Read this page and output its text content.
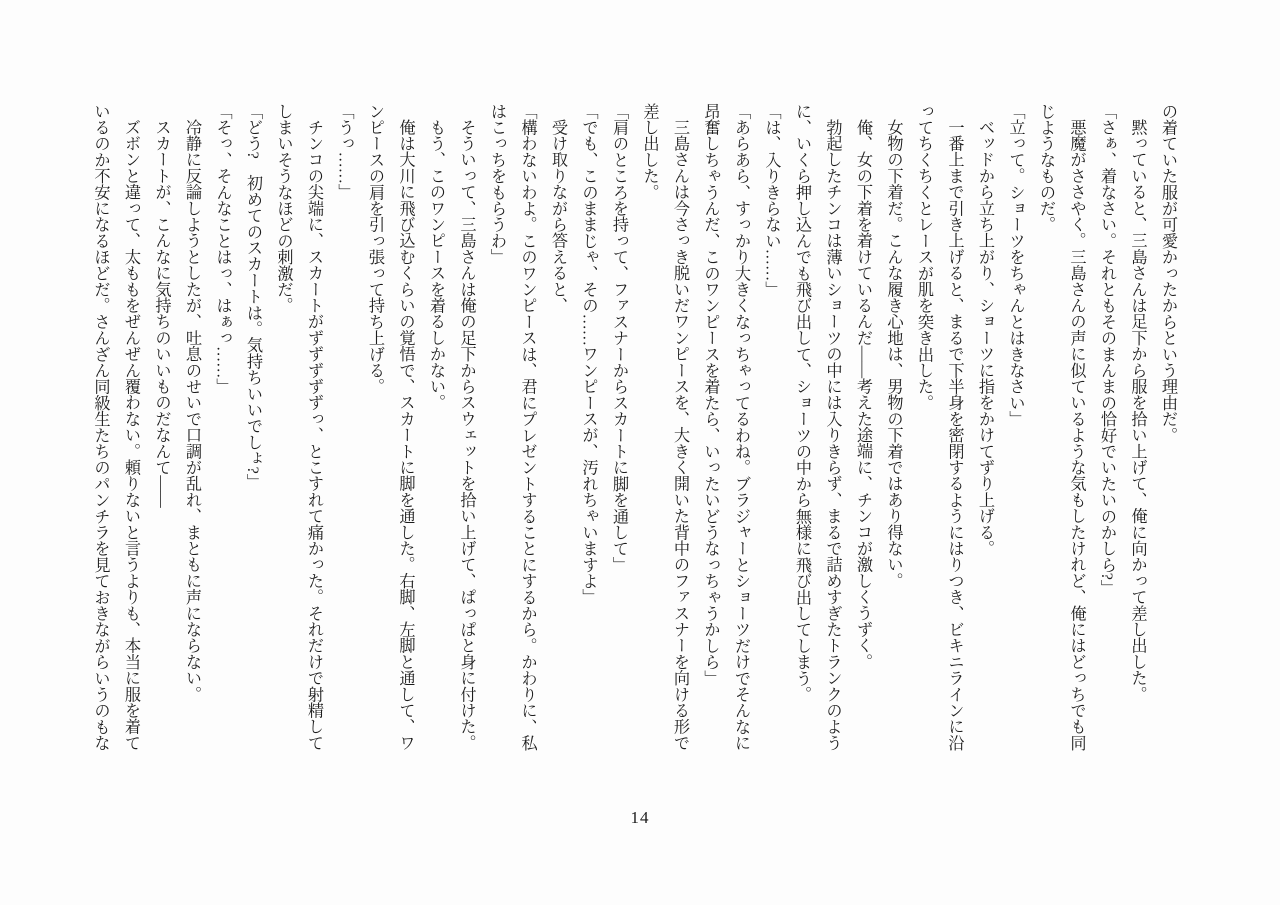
の着ていた服が可愛かったからという理由だ。
黙っていると、三島さんは足下から服を拾い上げて、俺に向かって差し出した。
「さぁ、着なさい。それともそのまんまの恰好でいたいのかしら?」
悪魔がささやく。三島さんの声に似ているような気もしたけれど、俺にはどっちでも同
じようなものだ。
「立って。ショーツをちゃんとはきなさい」
ベッドから立ち上がり、ショーツに指をかけてずり上げる。
一番上まで引き上げると、まるで下半身を密閉するようにはりつき、ビキニラインに沿
ってちくちくとレースが肌を突き出した。
女物の下着だ。こんな履き心地は、男物の下着ではあり得ない。
俺、女の下着を着けているんだ――考えた途端に、チンコが激しくうずく。
勃起したチンコは薄いショーツの中には入りきらず、まるで詰めすぎたトランクのよう
に、いくら押し込んでも飛び出して、ショーツの中から無様に飛び出してしまう。
「は、入りきらない……」
「あらあら、すっかり大きくなっちゃってるわね。ブラジャーとショーツだけでそんなに
昂奮しちゃうんだ、このワンピースを着たら、いったいどうなっちゃうかしら」
三島さんは今さっき脱いだワンピースを、大きく開いた背中のファスナーを向ける形で
差し出した。
「肩のところを持って、ファスナーからスカートに脚を通して」
「でも、このままじゃ、その……ワンピースが、汚れちゃいますよ」
受け取りながら答えると、
「構わないわよ。このワンピースは、君にプレゼントすることにするから。かわりに、私
はこっちをもらうわ」
そういって、三島さんは俺の足下からスウェットを拾い上げて、ぱっぱと身に付けた。
もう、このワンピースを着るしかない。
俺は大川に飛び込むくらいの覚悟で、スカートに脚を通した。右脚、左脚と通して、ワ
ンピースの肩を引っ張って持ち上げる。
「うっ……」
チンコの尖端に、スカートがずずずずずっ、とこすれて痛かった。それだけで射精して
しまいそうなほどの刺激だ。
「どう?　初めてのスカートは。気持ちいいでしょ?」
「そっ、そんなことはっ、はぁっ……」
冷静に反論しようとしたが、吐息のせいで口調が乱れ、まともに声にならない。
スカートが、こんなに気持ちのいいものだなんて――
ズボンと違って、太ももをぜんぜん覆わない。頼りないと言うよりも、本当に服を着て
いるのか不安になるほどだ。さんざん同級生たちのパンチラを見ておきながらいうのもな
14
